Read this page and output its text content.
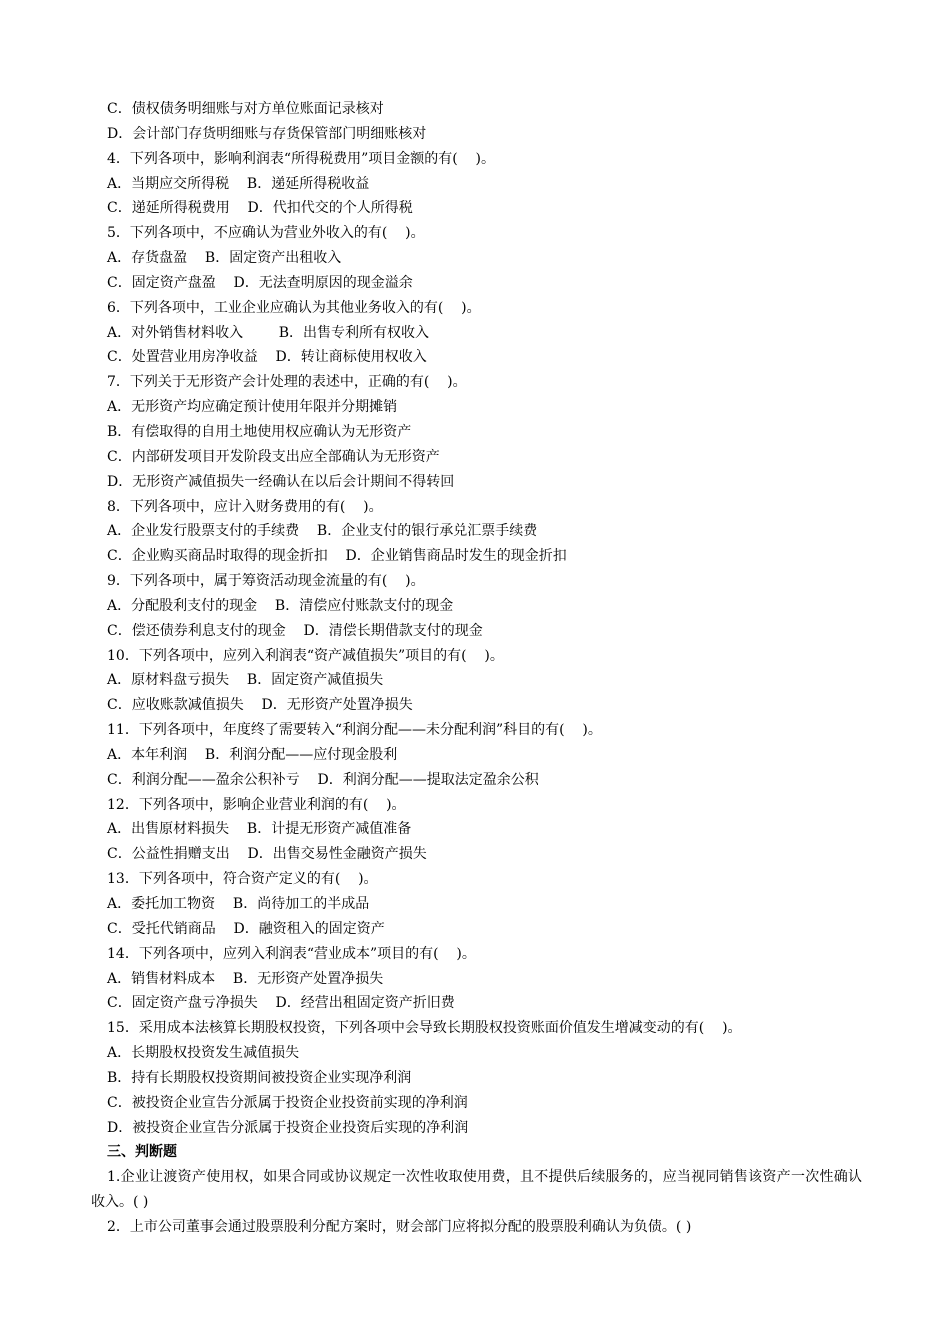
C．债权债务明细账与对方单位账面记录核对
D．会计部门存货明细账与存货保管部门明细账核对
4．下列各项中，影响利润表“所得税费用”项目金额的有(    )。
A．当期应交所得税    B．递延所得税收益
C．递延所得税费用    D．代扣代交的个人所得税
5．下列各项中，不应确认为营业外收入的有(    )。
A．存货盘盈    B．固定资产出租收入
C．固定资产盘盈    D．无法查明原因的现金溢余
6．下列各项中，工业企业应确认为其他业务收入的有(    )。
A．对外销售材料收入        B．出售专利所有权收入
C．处置营业用房净收益    D．转让商标使用权收入
7．下列关于无形资产会计处理的表述中，正确的有(    )。
A．无形资产均应确定预计使用年限并分期摊销
B．有偿取得的自用土地使用权应确认为无形资产
C．内部研发项目开发阶段支出应全部确认为无形资产
D．无形资产减值损失一经确认在以后会计期间不得转回
8．下列各项中，应计入财务费用的有(    )。
A．企业发行股票支付的手续费    B．企业支付的银行承兑汇票手续费
C．企业购买商品时取得的现金折扣    D．企业销售商品时发生的现金折扣
9．下列各项中，属于筹资活动现金流量的有(    )。
A．分配股利支付的现金    B．清偿应付账款支付的现金
C．偿还债券利息支付的现金    D．清偿长期借款支付的现金
10．下列各项中，应列入利润表“资产减值损失”项目的有(    )。
A．原材料盘亏损失    B．固定资产减值损失
C．应收账款减值损失    D．无形资产处置净损失
11．下列各项中，年度终了需要转入“利润分配——未分配利润”科目的有(    )。
A．本年利润    B．利润分配——应付现金股利
C．利润分配——盈余公积补亏    D．利润分配——提取法定盈余公积
12．下列各项中，影响企业营业利润的有(    )。
A．出售原材料损失    B．计提无形资产减值准备
C．公益性捐赠支出    D．出售交易性金融资产损失
13．下列各项中，符合资产定义的有(    )。
A．委托加工物资    B．尚待加工的半成品
C．受托代销商品    D．融资租入的固定资产
14．下列各项中，应列入利润表“营业成本”项目的有(    )。
A．销售材料成本    B．无形资产处置净损失
C．固定资产盘亏净损失    D．经营出租固定资产折旧费
15．采用成本法核算长期股权投资，下列各项中会导致长期股权投资账面价值发生增减变动的有(    )。
A．长期股权投资发生减值损失
B．持有长期股权投资期间被投资企业实现净利润
C．被投资企业宣告分派属于投资企业投资前实现的净利润
D．被投资企业宣告分派属于投资企业投资后实现的净利润
三、判断题
1.企业让渡资产使用权，如果合同或协议规定一次性收取使用费，且不提供后续服务的，应当视同销售该资产一次性确认收入。( )
2．上市公司董事会通过股票股利分配方案时，财会部门应将拟分配的股票股利确认为负债。( )
